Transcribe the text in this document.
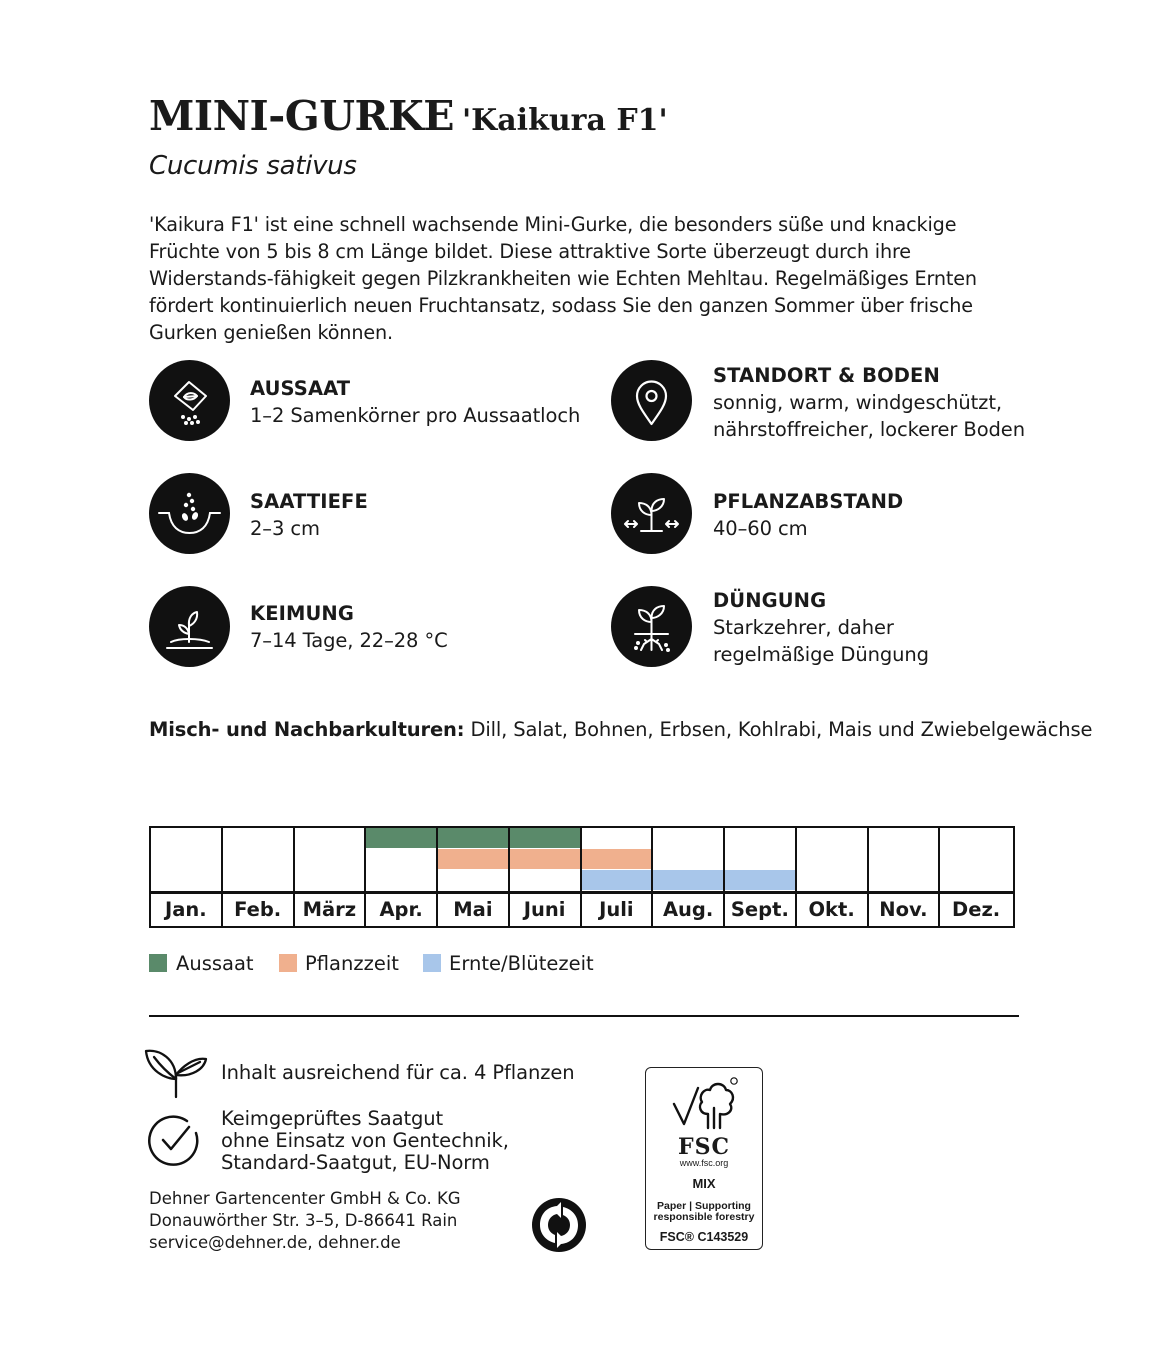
MINI-GURKE 'Kaikura F1'
Cucumis sativus
'Kaikura F1' ist eine schnell wachsende Mini-Gurke, die besonders süße und knackige Früchte von 5 bis 8 cm Länge bildet. Diese attraktive Sorte überzeugt durch ihre Widerstands-fähigkeit gegen Pilzkrankheiten wie Echten Mehltau. Regelmäßiges Ernten fördert kontinuierlich neuen Fruchtansatz, sodass Sie den ganzen Sommer über frische Gurken genießen können.
AUSSAAT
1–2 Samenkörner pro Aussaatloch
STANDORT & BODEN
sonnig, warm, windgeschützt,
nährstoffreicher, lockerer Boden
SAATTIEFE
2–3 cm
PFLANZABSTAND
40–60 cm
KEIMUNG
7–14 Tage, 22–28 °C
DÜNGUNG
Starkzehrer, daher
regelmäßige Düngung
Misch- und Nachbarkulturen: Dill, Salat, Bohnen, Erbsen, Kohlrabi, Mais und Zwiebelgewächse
Jan.	Feb.	März	Apr.	Mai	Juni	Juli	Aug. Sept.	Okt.	Nov.	Dez.
Aussaat	Pflanzzeit	Ernte/Blütezeit
Inhalt ausreichend für ca. 4 Pflanzen
Keimgeprüftes Saatgut
ohne Einsatz von Gentechnik,
Standard-Saatgut, EU-Norm
Dehner Gartencenter GmbH & Co. KG
Donauwörther Str. 3–5, D-86641 Rain
service@dehner.de, dehner.de
FSC
www.fsc.org
MIX
Paper | Supporting
responsible forestry
FSC® C143529
